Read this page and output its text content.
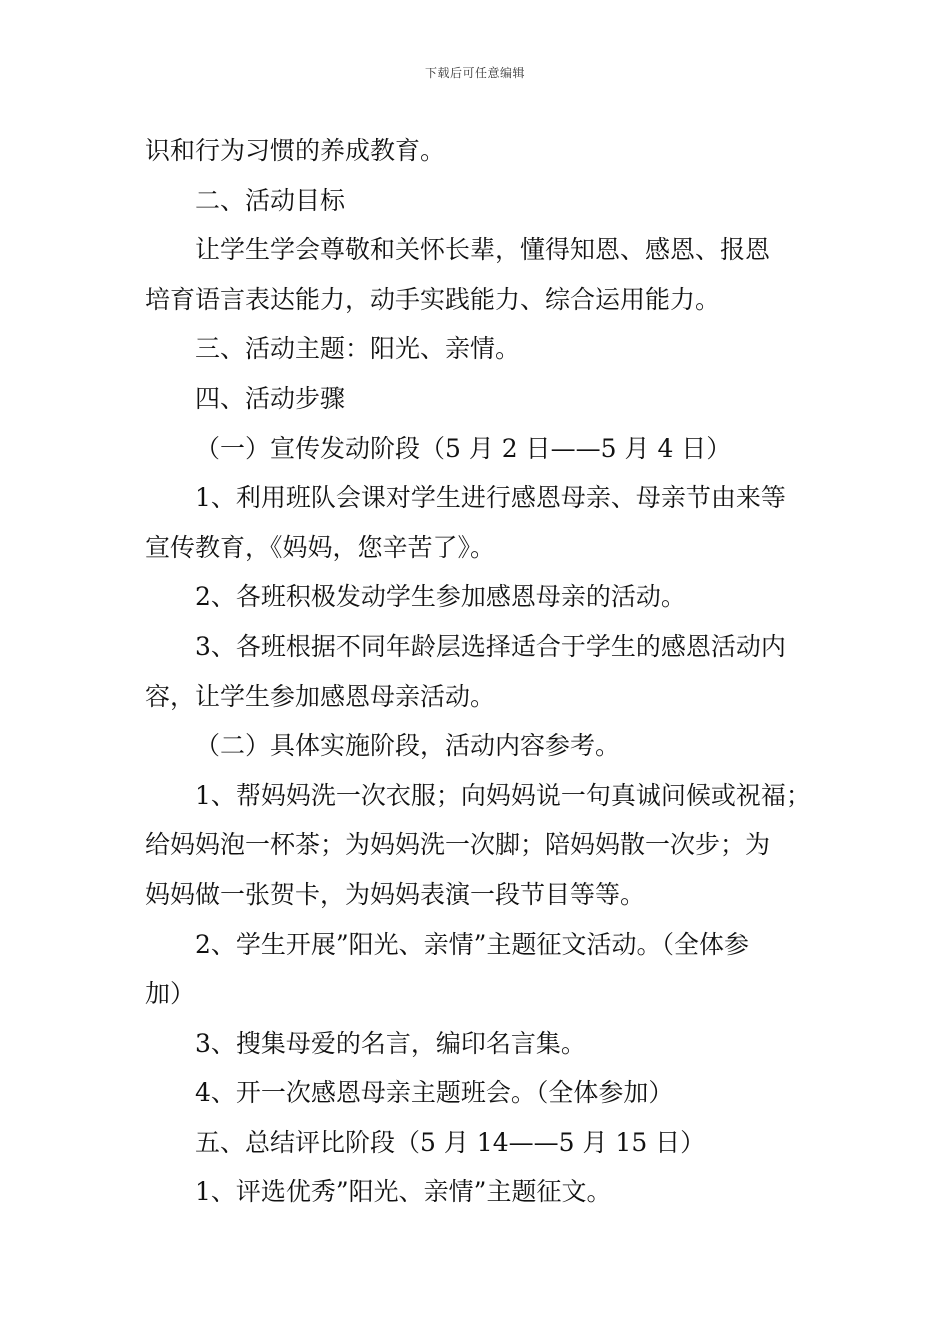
下载后可任意编辑
识和行为习惯的养成教育。
二、活动目标
让学生学会尊敬和关怀长辈，懂得知恩、感恩、报恩
培育语言表达能力，动手实践能力、综合运用能力。
三、活动主题：阳光、亲情。
四、活动步骤
（一）宣传发动阶段（5 月 2 日——5 月 4 日）
1、利用班队会课对学生进行感恩母亲、母亲节由来等
宣传教育，《妈妈，您辛苦了》。
2、各班积极发动学生参加感恩母亲的活动。
3、各班根据不同年龄层选择适合于学生的感恩活动内
容，让学生参加感恩母亲活动。
（二）具体实施阶段，活动内容参考。
1、帮妈妈洗一次衣服；向妈妈说一句真诚问候或祝福；
给妈妈泡一杯茶；为妈妈洗一次脚；陪妈妈散一次步；为
妈妈做一张贺卡，为妈妈表演一段节目等等。
2、学生开展”阳光、亲情”主题征文活动。（全体参
加）
3、搜集母爱的名言，编印名言集。
4、开一次感恩母亲主题班会。（全体参加）
五、总结评比阶段（5 月 14——5 月 15 日）
1、评选优秀”阳光、亲情”主题征文。
